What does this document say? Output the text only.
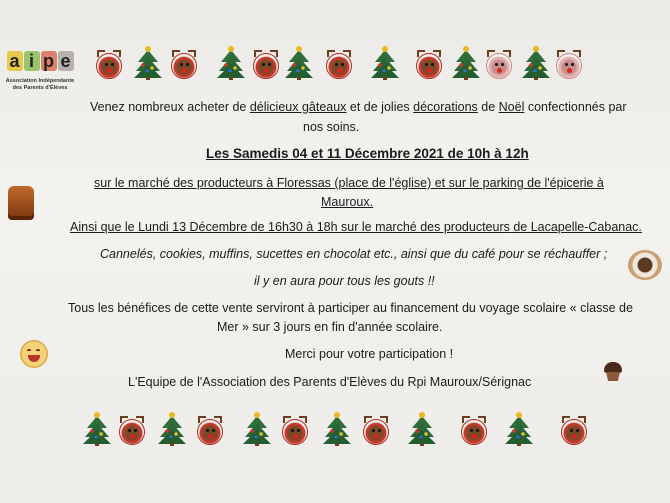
a i p e
Association Indépendante
des Parents d'Élèves
Venez nombreux acheter de délicieux gâteaux et de jolies décorations de Noël confectionnés par
nos soins.
Les Samedis 04 et 11 Décembre 2021 de 10h à 12h
sur le marché des producteurs à Floressas (place de l'église) et sur le parking de l'épicerie à
Mauroux.
Ainsi que le Lundi 13 Décembre de 16h30 à 18h sur le marché des producteurs de Lacapelle-Cabanac.
Cannelés, cookies, muffins, sucettes en chocolat etc., ainsi que du café pour se réchauffer ;
il y en aura pour tous les gouts !!
Tous les bénéfices de cette vente serviront à participer au financement du voyage scolaire « classe de
Mer » sur 3 jours en fin d'année scolaire.
Merci pour votre participation !
L'Equipe de l'Association des Parents d'Elèves du Rpi Mauroux/Sérignac
